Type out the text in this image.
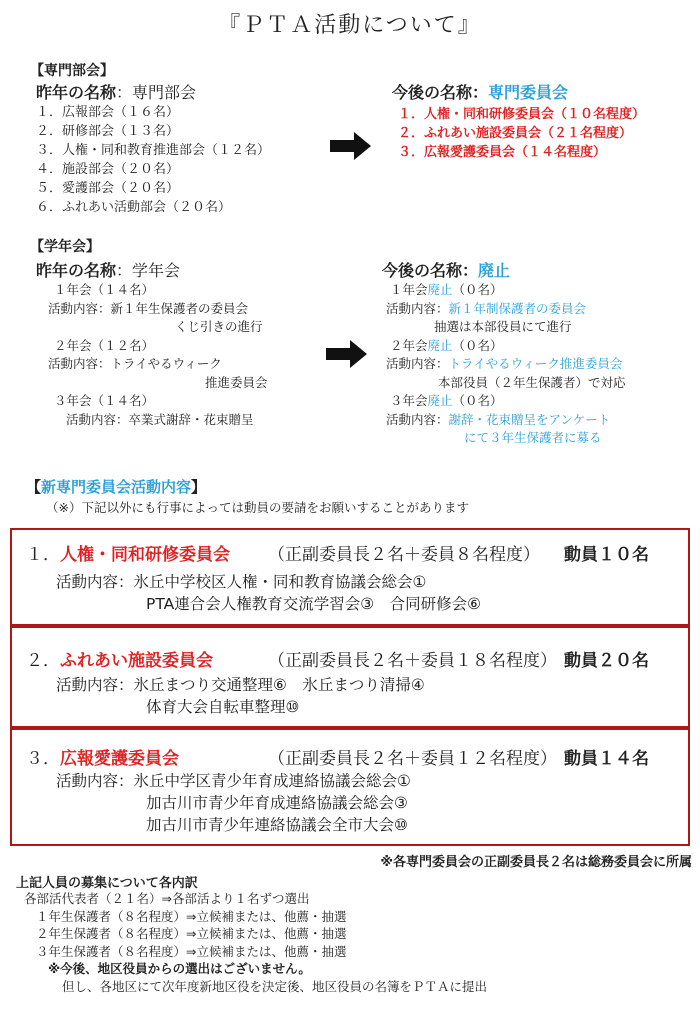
『ＰＴＡ活動について』
【専門部会】
昨年の名称：専門部会
１．広報部会（１６名）
２．研修部会（１３名）
３．人権・同和教育推進部会（１２名）
４．施設部会（２０名）
５．愛護部会（２０名）
６．ふれあい活動部会（２０名）
今後の名称：専門委員会
１．人権・同和研修委員会（１０名程度）
２．ふれあい施設委員会（２１名程度）
３．広報愛護委員会（１４名程度）
【学年会】
昨年の名称：学年会
１年会（１４名）
活動内容：新１年生保護者の委員会
くじ引きの進行
２年会（１２名）
活動内容：トライやるウィーク
推進委員会
３年会（１４名）
活動内容：卒業式謝辞・花束贈呈
今後の名称：廃止
１年会廃止（０名）
活動内容：新１年制保護者の委員会
抽選は本部役員にて進行
２年会廃止（０名）
活動内容：トライやるウィーク推進委員会
本部役員（２年生保護者）で対応
３年会廃止（０名）
活動内容：謝辞・花束贈呈をアンケート
にて３年生保護者に募る
【新専門委員会活動内容】
（※）下記以外にも行事によっては動員の要請をお願いすることがあります
１．人権・同和研修委員会 （正副委員長２名＋委員８名程度） 動員１０名
活動内容：氷丘中学校区人権・同和教育協議会総会①
PTA連合会人権教育交流学習会③　合同研修会⑥
２．ふれあい施設委員会	（正副委員長２名＋委員１８名程度） 動員２０名
活動内容：氷丘まつり交通整理⑥　氷丘まつり清掃④
体育大会自転車整理⑩
３．広報愛護委員会	（正副委員長２名＋委員１２名程度） 動員１４名
活動内容：氷丘中学区青少年育成連絡協議会総会①
加古川市青少年育成連絡協議会総会③
加古川市青少年連絡協議会全市大会⑩
※各専門委員会の正副委員長２名は総務委員会に所属
上記人員の募集について各内訳
各部活代表者（２１名）⇒各部活より１名ずつ選出
１年生保護者（８名程度）⇒立候補または、他薦・抽選
２年生保護者（８名程度）⇒立候補または、他薦・抽選
３年生保護者（８名程度）⇒立候補または、他薦・抽選
※今後、地区役員からの選出はございません。
但し、各地区にて次年度新地区役を決定後、地区役員の名簿をＰＴＡに提出
